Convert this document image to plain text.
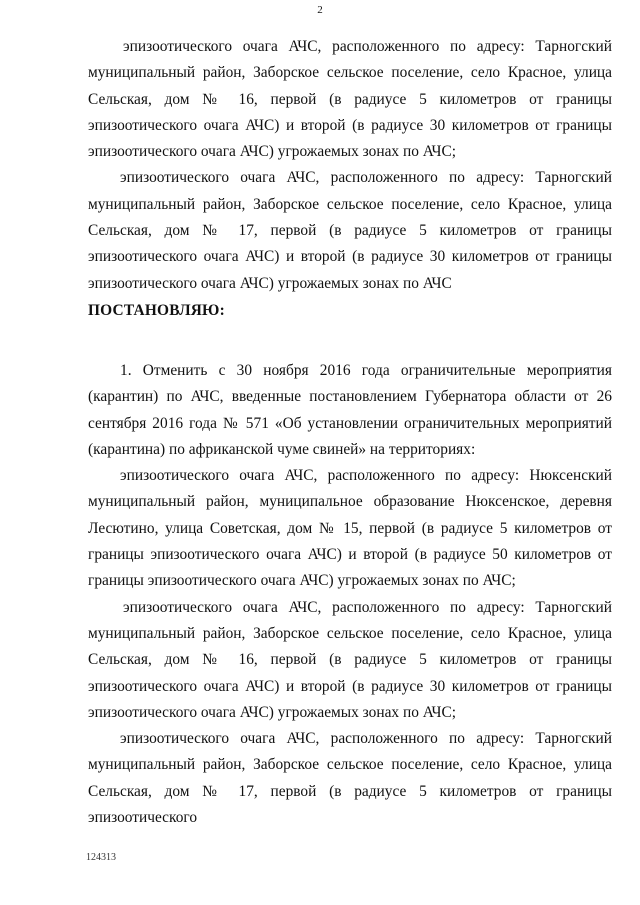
2

эпизоотического очага АЧС, расположенного по адресу: Тарногский муниципальный район, Заборское сельское поселение, село Красное, улица Сельская, дом № 16, первой (в радиусе 5 километров от границы эпизоотического очага АЧС) и второй (в радиусе 30 километров от границы эпизоотического очага АЧС) угрожаемых зонах по АЧС;

эпизоотического очага АЧС, расположенного по адресу: Тарногский муниципальный район, Заборское сельское поселение, село Красное, улица Сельская, дом № 17, первой (в радиусе 5 километров от границы эпизоотического очага АЧС) и второй (в радиусе 30 километров от границы эпизоотического очага АЧС) угрожаемых зонах по АЧС

ПОСТАНОВЛЯЮ:

1. Отменить с 30 ноября 2016 года ограничительные мероприятия (карантин) по АЧС, введенные постановлением Губернатора области от 26 сентября 2016 года № 571 «Об установлении ограничительных мероприятий (карантина) по африканской чуме свиней» на территориях:

эпизоотического очага АЧС, расположенного по адресу: Нюксенский муниципальный район, муниципальное образование Нюксенское, деревня Лесютино, улица Советская, дом № 15, первой (в радиусе 5 километров от границы эпизоотического очага АЧС) и второй (в радиусе 50 километров от границы эпизоотического очага АЧС) угрожаемых зонах по АЧС;

эпизоотического очага АЧС, расположенного по адресу: Тарногский муниципальный район, Заборское сельское поселение, село Красное, улица Сельская, дом № 16, первой (в радиусе 5 километров от границы эпизоотического очага АЧС) и второй (в радиусе 30 километров от границы эпизоотического очага АЧС) угрожаемых зонах по АЧС;

эпизоотического очага АЧС, расположенного по адресу: Тарногский муниципальный район, Заборское сельское поселение, село Красное, улица Сельская, дом № 17, первой (в радиусе 5 километров от границы эпизоотического

124313
